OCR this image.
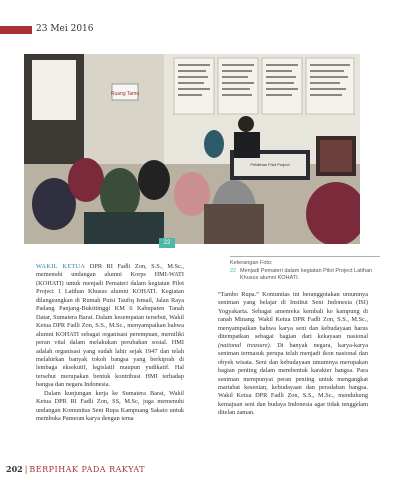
23 Mei 2016
Ruang Tamu
Pelatihan Pilot Project
22
Keterangan Foto:
22 Menjadi Pemateri dalam kegiatan Pilot Project Latihan Khusus alumni KOHATI.

WAKIL KETUA DPR RI Fadli Zon, S.S., M.Sc., memenuhi undangan alumni Korps HMI-WATI (KOHATI) untuk menjadi Pemateri dalam kegiatan Pilot Project 1 Latihan Khusus alumni KOHATI. Kegiatan dilangsungkan di Rumah Puisi Taufiq Ismail, Jalan Raya Padang Panjang-Bukittinggi KM 6 Kabupaten Tanah Datar, Sumatera Barat. Dalam kesempatan tersebut, Wakil Ketua DPR Fadli Zon, S.S., M.Sc., menyampaikan bahwa alumni KOHATI sebagai organisasi perempuan, memiliki peran vital dalam melakukan perubahan sosial. HMI adalah organisasi yang sudah lahir sejak 1947 dan telah melahirkan banyak tokoh bangsa yang berkiprah di lembaga eksekutif, legislatif maupun yudikatif. Hal tersebut merupakan bentuk kontribusi HMI terhadap bangsa dan negara Indonesia.

Dalam kunjungan kerja ke Sumatera Barat, Wakil Ketua DPR RI Fadli Zon, SS, M.Sc, juga memenuhi undangan Komunitas Seni Rupa Kampuang Sakato untuk membuka Pameran karya dengan tema

“Tambo Rupa.” Komunitas ini beranggotakan umumnya seniman yang belajar di Institut Seni Indonesia (ISI) Yogyakarta. Sebagai amenreka kembali ke kampung di ranah Minang. Wakil Ketua DPR Fadli Zon, S.S., M.Sc., menyampaikan bahwa karya seni dan kebudayaan harus ditempatkan sebagai bagian dari kekayaan nasional (national treasure). Di banyak negara, karya-karya seniman termasuk perupa telah menjadi ikon nasional dan obyek wisata. Seni dan kebudayaan umumnya merupakan bagian penting dalam membentuk karakter bangsa. Para seniman mempunyai peran penting untuk mengangkat martabat kesenian, kebudayaan dan peradaban bangsa. Wakil Ketua DPR Fadli Zon, S.S., M.Sc., mendukung kemajuan seni dan budaya Indonesia agar tidak tenggelam ditelan zaman.

202 | BERPIHAK PADA RAKYAT
